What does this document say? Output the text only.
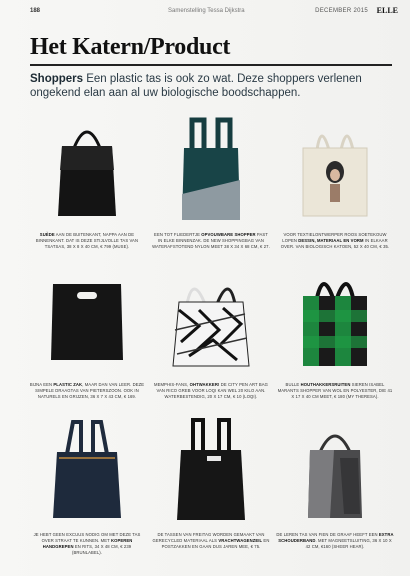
188	Samenstelling Tessa Dijkstra	DECEMBER 2015 ELLE
Het Katern/Product
Shoppers Een plastic tas is ook zo wat. Deze shoppers verlenen ongekend elan aan al uw biologische boodschappen.
SUÈDE AAN DE BUITENKANT, NAPPA AAN DE BINNENKANT. DAT IS DEZE STIJLVOLLE TAS VAN TSATSAS, 38 X 8 X 40 CM, € 799 (MUSE).
EEN TOT FLIEDERTJE OPVOUWBARE SHOPPER PAST IN ELKE BINNENZAK. DE NEW SHOPPINGBAG VAN WATERAFSTOTEND NYLON MEET 38 X 34 X 68 CM, € 27.
VOOR TEXTIELONTWERPER ROOS SOETEKOUW LOPEN DESSIN, MATERIAAL EN VORM IN ELKAAR OVER. VAN BIOLOGISCH KATOEN, 52 X 40 CM, € 35.
BIJNA EEN PLASTIC ZAK, MAAR DAN VAN LEER. DEZE SIMPELE DRAAGTAS VAN PIETERSZOON. OOK IN NATURELS EN GRIJZEN, 36 X 7 X 43 CM, € 169.
MEMPHIS-FANS, OHTWAKKER! DE CITY PEN ART BAG VAN RICO GREB VOOR LOQI KAN WEL 20 KILO AAN. WATERBESTENDIG, 20 X 17 CM, € 10 (LOQI).
BULLE HOUTHAKKERSRUITEN SIEREN ISABEL MARANTS SHOPPER VAN WOL EN POLYESTER, DIE 41 X 17 X 40 CM MEET, € 180 (MY THERESA).
JE HEBT GEEN EXCUUS NODIG OM MET DEZE TAS OVER STRAAT TE KUNNEN. MET KOPEREN HANDGREPEN EN RITS, 34 X 48 CM, € 239 (BRUNLABEL).
DE TASSEN VAN FREITAG WORDEN GEMAAKT VAN GERECYCLED MATERIAAL ALS VRACHTWAGENZEIL EN POSTZAKKEN EN GAAN DUS JAREN MEE, € 75.
DE LEREN TAS VAN FIEN DE GRAAF HEEFT EEN EXTRA SCHOUDERBAND. MET MAGNEETSLUITING, 36 X 10 X 42 CM, €160 (SHEER HEAR).
